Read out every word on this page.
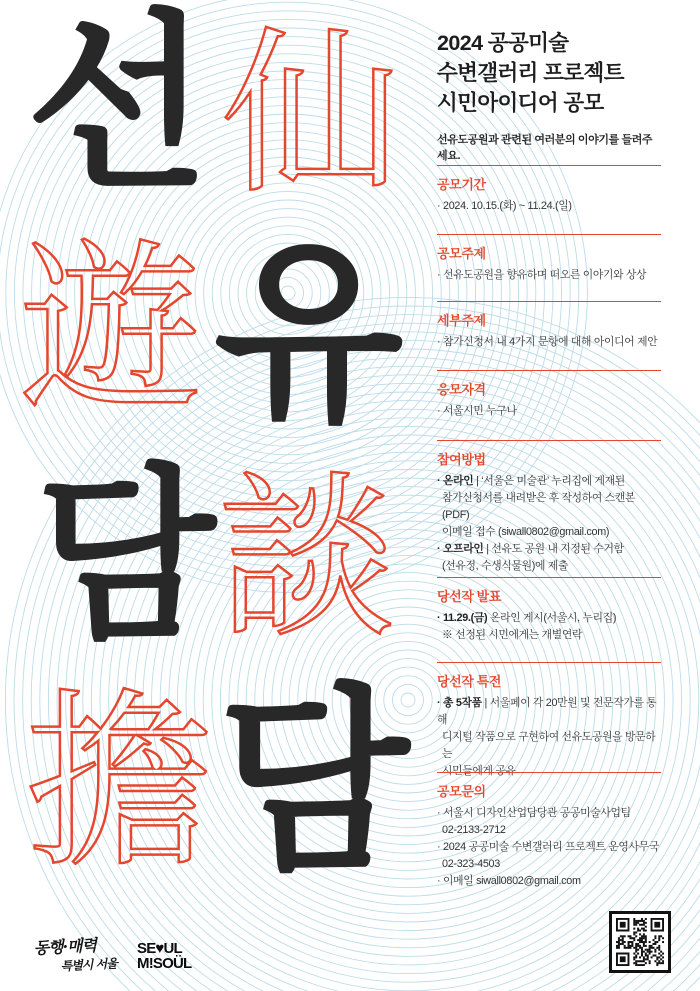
선 仙
遊 유
담 談
擔 담
2024 공공미술
수변갤러리 프로젝트
시민아이디어 공모
선유도공원과 관련된 여러분의 이야기를 들려주세요.
공모기간
· 2024. 10.15.(화) ~ 11.24.(일)
공모주제
· 선유도공원을 향유하며 떠오른 이야기와 상상
세부주제
· 참가신청서 내 4가지 문항에 대해 아이디어 제안
응모자격
· 서울시민 누구나
참여방법
· 온라인 | ‘서울은 미술관’ 누리집에 게재된
참가신청서를 내려받은 후 작성하여 스캔본(PDF)
이메일 접수 (siwall0802@gmail.com)
· 오프라인 | 선유도 공원 내 지정된 수거함
(선유정, 수생식물원)에 제출
당선작 발표
· 11.29.(금) 온라인 게시(서울시, 누리집)
※ 선정된 시민에게는 개별연락
당선작 특전
· 총 5작품 | 서울페이 각 20만원 및 전문작가를 통해
디지털 작품으로 구현하여 선유도공원을 방문하는
시민들에게 공유
공모문의
· 서울시 디자인산업담당관 공공미술사업팀
02-2133-2712
· 2024 공공미술 수변갤러리 프로젝트 운영사무국
02-323-4503
· 이메일 siwall0802@gmail.com
동행·매력
특별시 서울
SE♥UL
M!SOÜL
